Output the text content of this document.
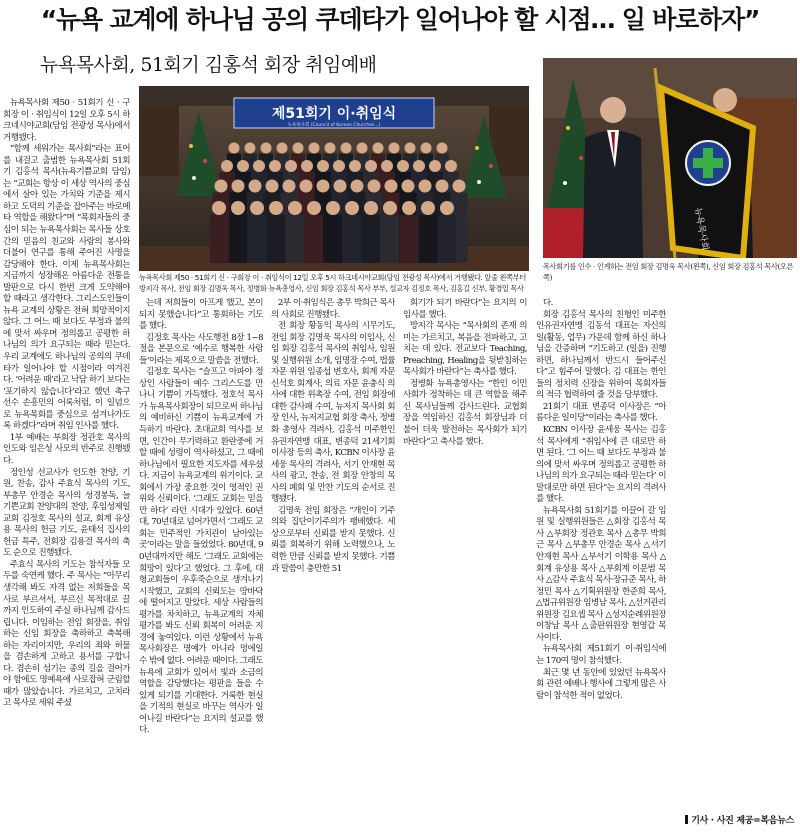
“뉴욕 교계에 하나님 공의 쿠데타가 일어나야 할 시점… 일 바로하자”
뉴욕목사회, 51회기 김홍석 회장 취임예배
제51회기 이·취임식
뉴욕목사회 (Council of Korean Churches...)
뉴욕목사회 제50 · 51회기 신 · 구회장 이 · 취임식이 12일 오후 5시 하크네시야교회(담임 전광성 목사)에서 거행됐다. 앞줄 왼쪽부터 방지각 목사, 전임 회장 김명욱 목사, 정병화 뉴욕총영사, 신임 회장 김홍석 목사 부부, 설교자 김정호 목사, 김홍길 신부, 황경일 목사
뉴욕목사회
목사회기를 인수 · 인계하는 전임 회장 김명욱 목사(왼쪽), 신임 회장 김홍석 목사(오른쪽)

뉴욕목사회 제50 · 51회기 신 · 구회장 이 · 취임식이 12일 오후 5시 하크네시야교회(담임 전광성 목사)에서 거행됐다.

“함께 세워가는 목사회”라는 표어를 내걸고 출범한 뉴욕목사회 51회기 김홍석 목사(뉴욕기쁨교회 담임)는 “교회는 항상 이 세상 역사의 중심에서 살아 있는 가치와 기준을 제시하고 도덕의 기준을 잡아주는 바로메타 역할을 해왔다”며 “목회자들의 중심이 되는 뉴욕목사회는 목사들 상호간의 믿음의 친교와 사람의 봉사와 더불어 연구를 통해 주어진 사명을 감당해야 한다. 이제 뉴욕목사회는 지금까지 성장해온 아름다운 전통을 발판으로 다시 한번 크게 도약해야 할 때라고 생각한다. 그리스도인들이 뉴욕 교계의 상황은 전혀 희망적이지 않다. 그 어느 때 보다도 부정과 불의에 맞서 싸우며 정의롭고 공평한 하나님의 의가 요구되는 때라 믿는다. 우리 교계에도 하나님의 공의의 쿠데타가 일어나야 할 시점이라 여겨진다. ‘어려운 때’라고 낙담 하기 보다는 ‘포기하지 않습니다’라고 했던 촉구 선수 손흥민의 어록처럼, 이 일념으로 뉴욕목회를 중심으로 섬겨나가도록 하겠다”라며 취임 인사를 했다.

1부 예배는 부회장 정관호 목사의 인도와 임은성 사모의 반주로 진행됐다.

정인성 선교사가 인도한 찬양, 기원, 찬송, 감사 주효식 목사의 기도, 부총무 안경순 목사의 성경봉독, 늘기쁜교회 찬양대의 찬양, 후임성제일교회 김정호 목사의 설교, 회계 유상용 목사의 헌금 기도, 윤태석 집사의 헌금 특주, 전회장 김용걸 목사의 축도 순으로 진행됐다.

주효식 목사의 기도는 참석자들 모두를 숙연케 했다. 주 목사는 “아무리 생각해 봐도 자격 없는 저희들을 목사로 부르셔서, 부르신 목적대로 끌까지 인도하여 주실 하나님께 감사드립니다. 이임하는 전임 회장을, 취임하는 신임 회장을 축하하고 축복해 하는 자리이지만, 우리의 죄와 허물을 겸손하게 고하고 용서를 구합니다. 겸손히 섬기는 종의 길을 걸어가야 함에도 명예욕에 사로잡혀 군림할 때가 많았습니다. 가르치고, 고치라고 목사로 세워 주셨

는데 저희들이 아프게 했고, 본이 되지 못했습니다”고 통회하는 기도를 했다.

김정호 목사는 사도행전 8장 1~8절을 본문으로 ‘예수로 행복한 사람들’이라는 제목으로 말씀을 전했다.

김정호 목사는 “슬프고 아파야 정상인 사람들이 예수 그리스도를 만나니 기쁨이 가득했다. 정호석 목사가 뉴욕목사회장이 되므로써 하나님의 예비하신 기쁨이 뉴욕교계에 가득하기 바란다. 초대교회 역사를 보면, 인간이 무기력하고 환란중에 거할 때에 성령이 역사하셨고, 그 때에 하나님에서 필요한 지도자를 세우셨다. 지금이 뉴욕교계의 위기이다. 교회에서 가장 중요한 것이 영적인 권위와 신뢰이다. ‘그래도 교회는 믿을만 하다’ 라던 시대가 있었다. 60년대, 70년대로 넘어가면서 ‘그래도 교회는 민주적인 가치관이 남아있는 곳’이라는 말을 들었었다. 80년대, 90년대까지만 해도 ‘그래도 교회에는 희망이 있다’고 했었다. 그 후에, 대형교회들이 우후죽순으로 생겨나기 시작했고, 교회의 신뢰도는 땅바닥에 떨어지고 말았다. 세상 사람들의 평가를 차치하고, 뉴욕교계의 자체 평가를 봐도 신뢰 회복이 어려운 지경에 놓여있다. 이런 상황에서 뉴욕목사회장은 명예가 아니라 멍에일 수 밖에 없다. 어려운 때이다. 그래도 뉴욕에 교회가 있어서 빛과 소금의 역할을 감당했다는 평판을 들을 수 있게 되기를 기대한다. 거룩한 현실을 기적의 현실로 바꾸는 역사가 일어나길 바란다”는 요지의 설교를 했다.

2부 이·취임식은 총무 박희근 목사의 사회로 진행됐다.

전 회장 황동익 목사의 시무기도, 전임 회장 김명욱 목사의 이임사, 신임 회장 김홍석 목사의 취임사, 임원 및 실행위원 소개, 임명장 수여, 법률자문 위원 임종섭 변호사, 회계 자문 신석호 회계사, 의료 자문 윤충식 의사에 대한 위촉장 수여, 전임 회장에 대한 감사패 수여, 뉴저지 목사회 회장 인사, 뉴저지교협 회장 축사, 정병화 총영사 격려사, 김홍석 미주한인유권자연맹 대표, 변종덕 21세기회 이사장 등의 축사, KCBN 이사장 윤세웅 목사의 격려사, 서기 안재현 목사의 광고, 찬송, 전 회장 안창의 목사의 폐회 및 만찬 기도의 순서로 진행됐다.

김명욱 전임 회장은 “개인이 기주의와 집단이기주의가 팽배했다. 세상으로부터 신뢰를 받지 못했다. 신뢰를 회복하기 위해 노력했으나, 노력한 만큼 신뢰를 받지 못했다. 기쁨과 말씀이 충만한 51

회기가 되기 바란다”는 요지의 이임사를 했다.

방지각 목사는 “목사회의 존재 의미는 가르치고, 복음을 전파하고, 고치는 데 있다. 전교보다 Teaching, Preaching, Healing을 뒷받침하는 목사회가 바란다”는 축사를 했다.

정병화 뉴욕총영사는 “한인 이민사회가 정착하는 데 큰 역할을 해주신 목사님들께 감사드린다. 교협회장을 역임하신 김홍석 회장님과 더불어 더욱 발전하는 목사회가 되기 바란다”고 축사를 했다.

다.

회장 김홍석 목사의 친형인 미주한인유권자연맹 김동석 대표는 자신의 일(활동, 업무) 가운데 함께 하신 하나님을 간증하며 “기도하고 (일을) 진행하면, 하나님께서 반드시 들어주신다”고 힘주어 말했다. 김 대표는 한인들의 정치력 신장을 위하여 목회자들의 적극 협력하여 줄 것을 당부했다.

21회기 대표 변종덕 이사장은 “아름다운 일이당”이라는 축사를 했다.

KCBN 이사장 윤세웅 목사는 김홍석 목사에게 “취임사에 큰 대로만 하면 된다. ‘그 어느 때 보다도 부정과 불의에 맞서 싸우며 정의롭고 공평한 하나님의 의가 요구되는 때라 믿는다’ 이 말대로만 하면 된다”는 요지의 격려사를 했다.

뉴욕목사회 51회기를 이끌어 갈 임원 및 실행위원들은 △회장 김홍석 목사 △부회장 정관호 목사 △총무 박희근 목사 △부총무 안경순 목사 △서기 안재현 목사 △부서기 이학용 목사 △회계 유상용 목사 △부회계 이문범 목사 △감사 주효식 목사·장규준 목사, 하정민 목사 △기획위원장 한준희 목사, △법규위원장 임병남 목사, △선거관리위원장 김요셉 목사 △성지순례위원장 이창남 목사 △출판위원장 현영갑 목사이다.

뉴욕목사회 제51회기 이·취임식에는 170여 명이 참석했다.

최근 몇 년 동안에 있었던 뉴욕목사회 관련 예배나 행사에 그렇게 많은 사람이 참석한 적이 없었다.

기사 · 사진 제공=복음뉴스
